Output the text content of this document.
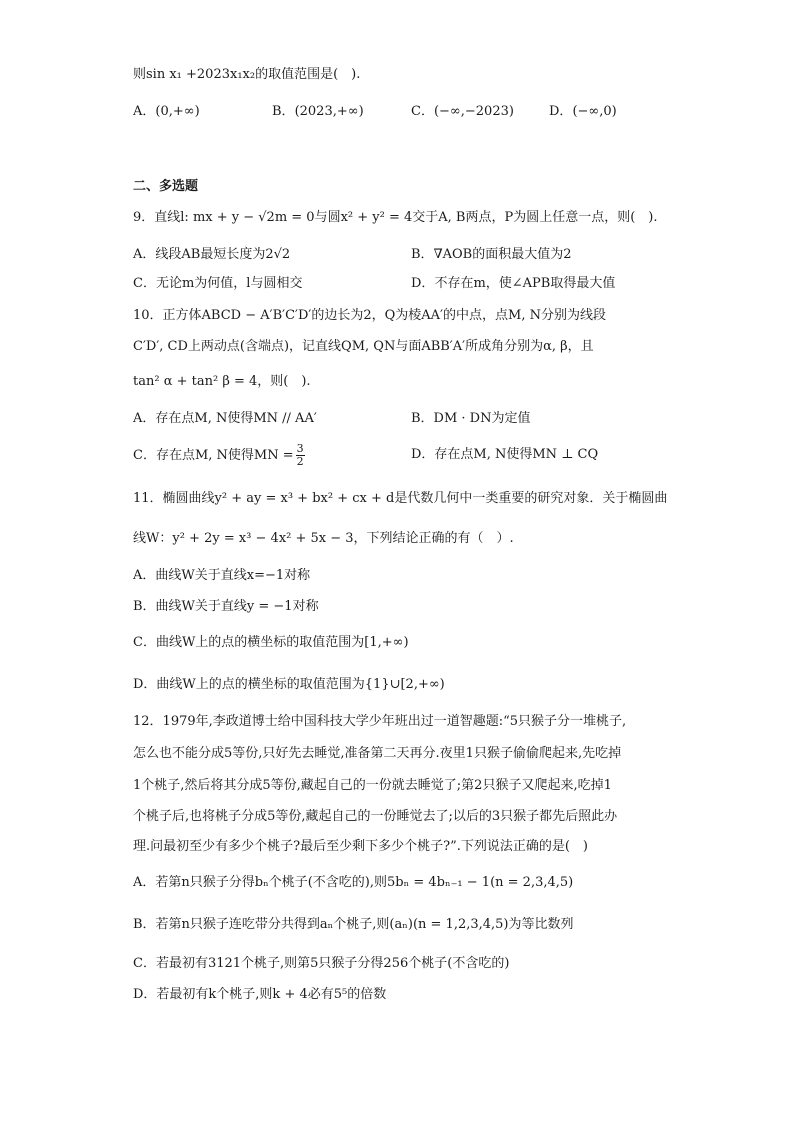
则sin x₁ +2023x₁x₂的取值范围是(　).
A．(0,+∞)	B．(2023,+∞)	C．(−∞,−2023)	D．(−∞,0)
二、多选题
9．直线l: mx + y − √2m = 0与圆x² + y² = 4交于A, B两点，P为圆上任意一点，则(　).
A．线段AB最短长度为2√2	B．∇AOB的面积最大值为2
C．无论m为何值，l与圆相交	D．不存在m，使∠APB取得最大值
10．正方体ABCD − A′B′C′D′的边长为2，Q为棱AA′的中点，点M, N分别为线段
C′D′, CD上两动点(含端点)，记直线QM, QN与面ABB′A′所成角分别为α, β，且
tan² α + tan² β = 4，则(　).
A．存在点M, N使得MN // AA′	B．DM · DN为定值
C．存在点M, N使得MN = $\frac{3}{2}$	D．存在点M, N使得MN ⊥ CQ
11．椭圆曲线y² + ay = x³ + bx² + cx + d是代数几何中一类重要的研究对象．关于椭圆曲
线W：y² + 2y = x³ − 4x² + 5x − 3，下列结论正确的有（　）.
A．曲线W关于直线x=−1对称
B．曲线W关于直线y = −1对称
C．曲线W上的点的横坐标的取值范围为[1,+∞)
D．曲线W上的点的横坐标的取值范围为{1}∪[2,+∞)
12．1979年,李政道博士给中国科技大学少年班出过一道智趣题:“5只猴子分一堆桃子,
怎么也不能分成5等份,只好先去睡觉,准备第二天再分.夜里1只猴子偷偷爬起来,先吃掉
1个桃子,然后将其分成5等份,藏起自己的一份就去睡觉了;第2只猴子又爬起来,吃掉1
个桃子后,也将桃子分成5等份,藏起自己的一份睡觉去了;以后的3只猴子都先后照此办
理.问最初至少有多少个桃子?最后至少剩下多少个桃子?”.下列说法正确的是(　)
A．若第n只猴子分得bₙ个桃子(不含吃的),则5bₙ = 4bₙ₋₁ − 1(n = 2,3,4,5)
B．若第n只猴子连吃带分共得到aₙ个桃子,则(aₙ)(n = 1,2,3,4,5)为等比数列
C．若最初有3121个桃子,则第5只猴子分得256个桃子(不含吃的)
D．若最初有k个桃子,则k + 4必有5⁵的倍数
